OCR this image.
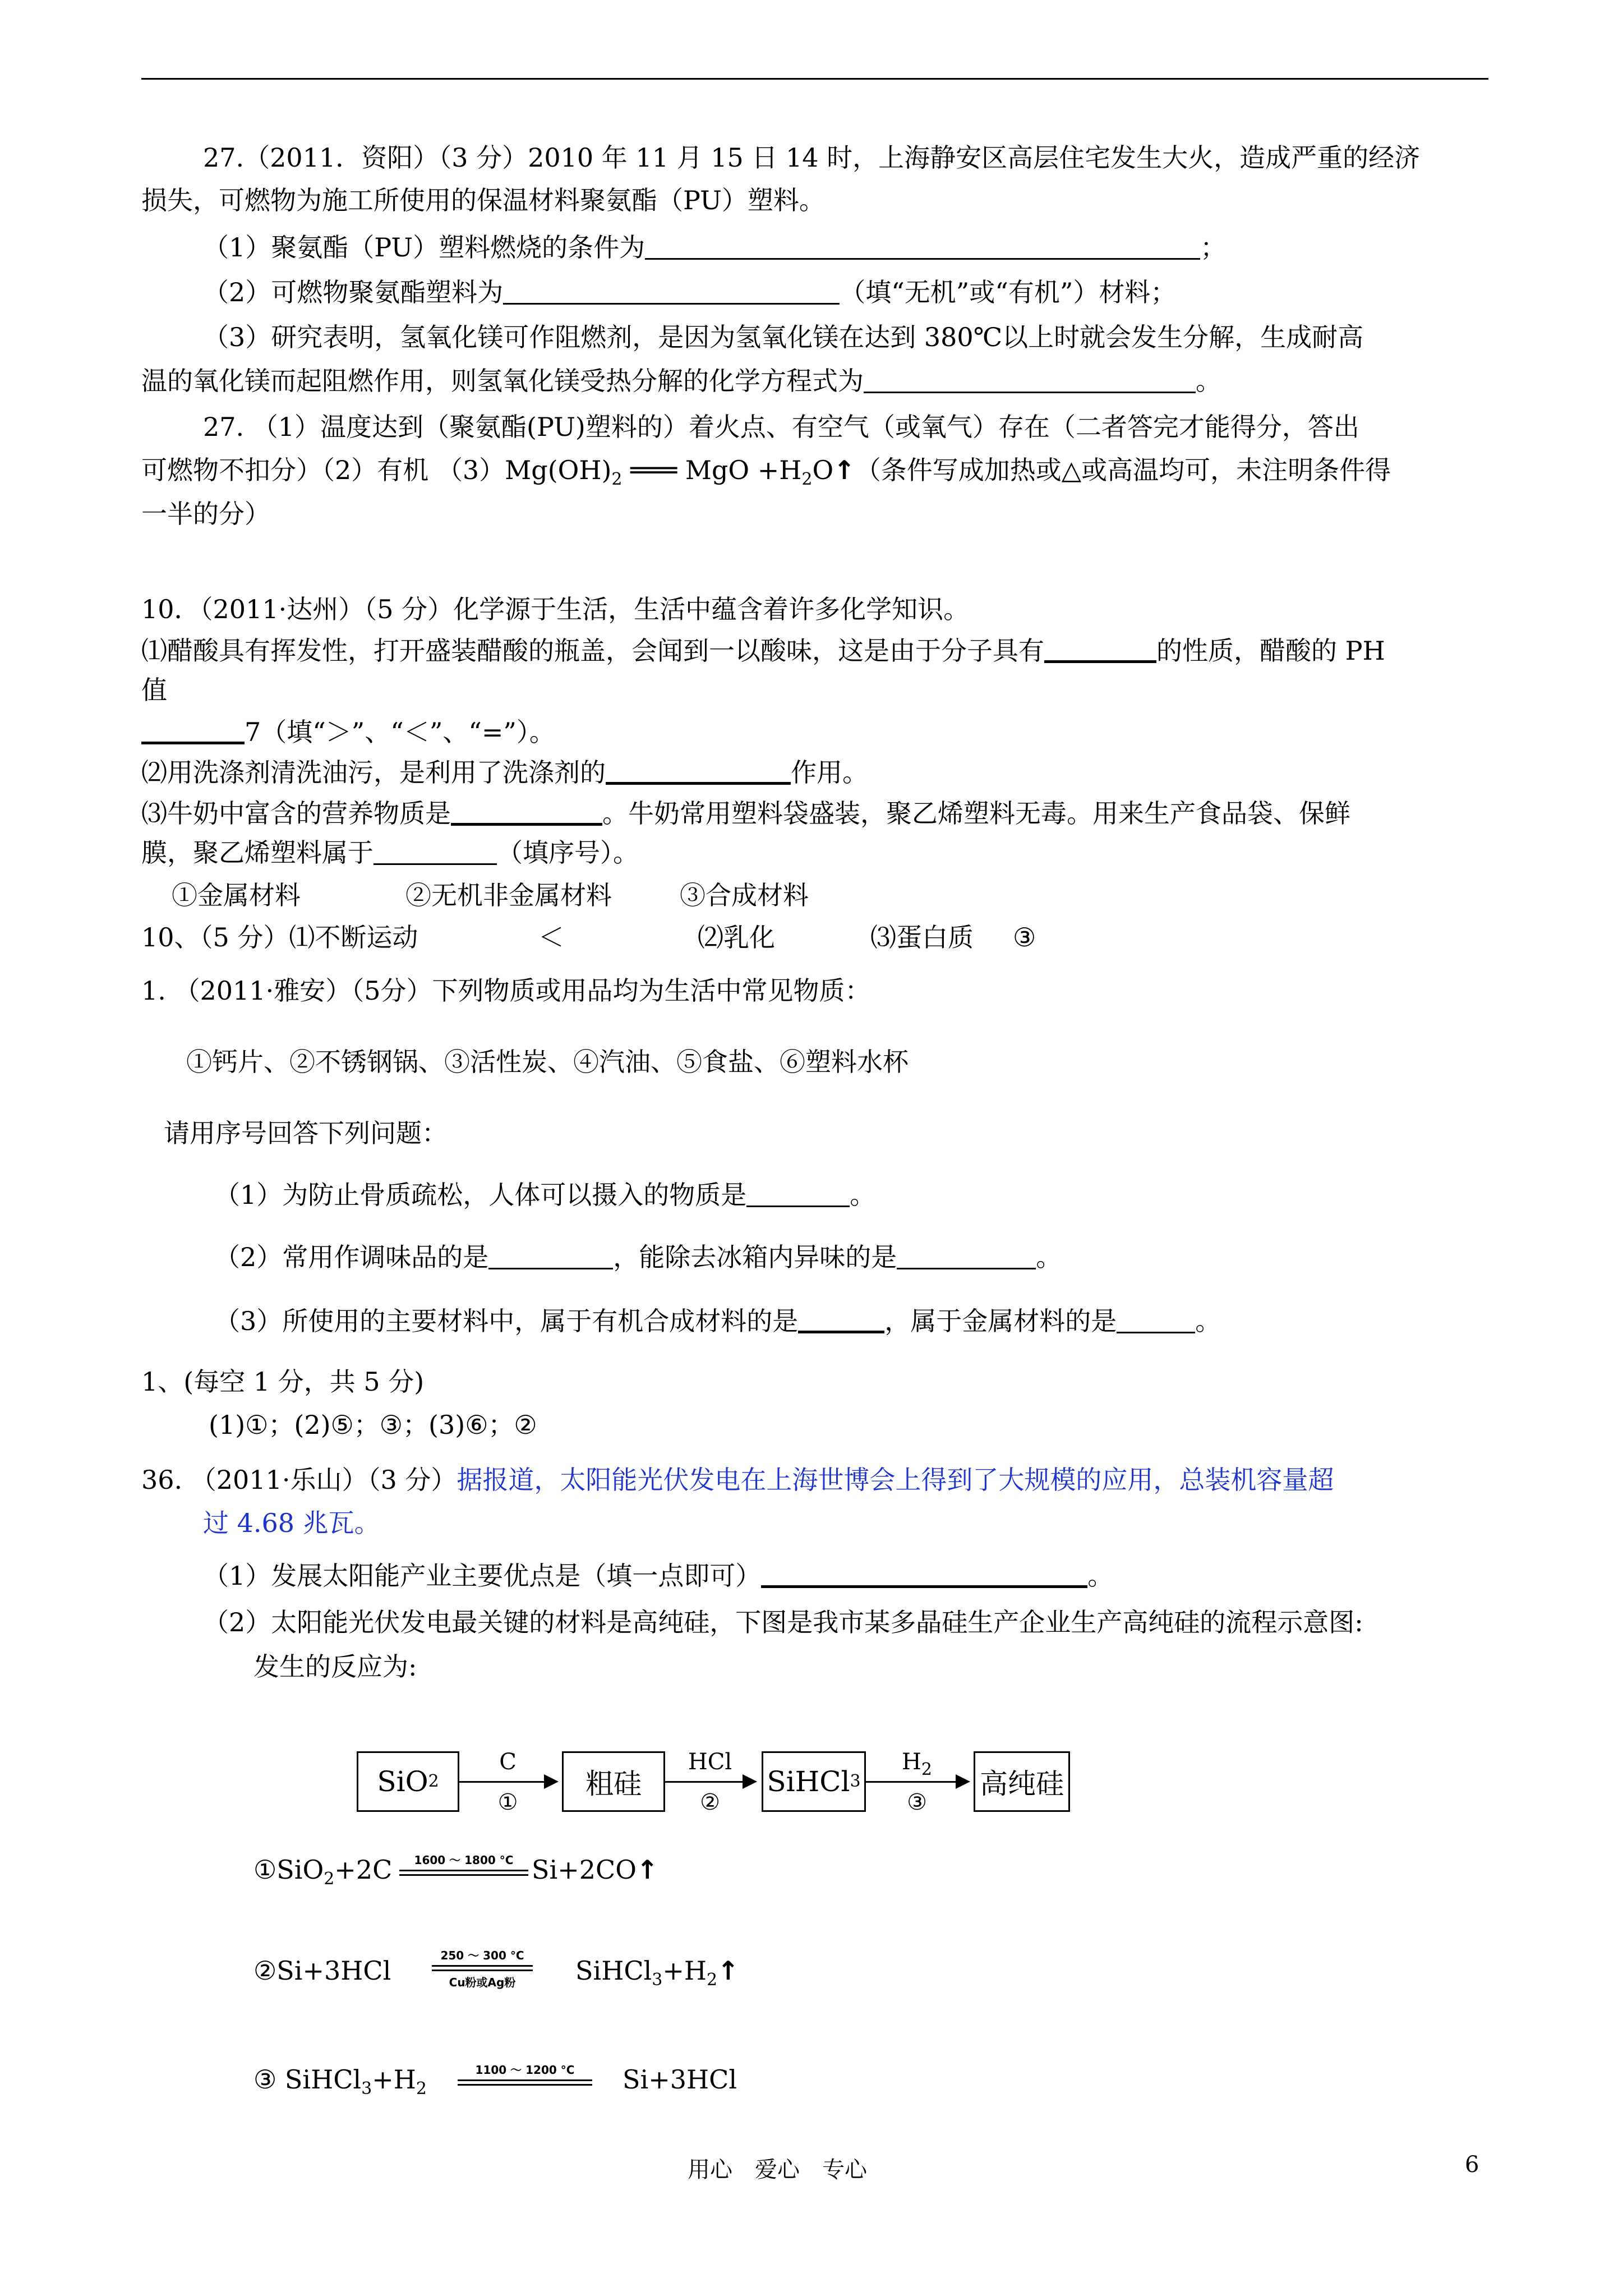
27.（2011．资阳）（3 分）2010 年 11 月 15 日 14 时，上海静安区高层住宅发生大火，造成严重的经济
损失，可燃物为施工所使用的保温材料聚氨酯（PU）塑料。
（1）聚氨酯（PU）塑料燃烧的条件为	；
（2）可燃物聚氨酯塑料为	（填“无机”或“有机”）材料；
（3）研究表明，氢氧化镁可作阻燃剂，是因为氢氧化镁在达到 380℃以上时就会发生分解，生成耐高
温的氧化镁而起阻燃作用，则氢氧化镁受热分解的化学方程式为	。
27. （1）温度达到（聚氨酯(PU)塑料的）着火点、有空气（或氧气）存在（二者答完才能得分，答出
可燃物不扣分）（2）有机 $(3)Mg(OH)_2$ ═══ MgO $+H_2O↑$（条件写成加热或△或高温均可，未注明条件得
一半的分）
10．（2011·达州）（5 分）化学源于生活，生活中蕴含着许多化学知识。
⑴醋酸具有挥发性，打开盛装醋酸的瓶盖，会闻到一以酸味，这是由于分子具有	的性质，醋酸的 PH
值
7（填“＞”、“＜”、“=”）。
⑵用洗涤剂清洗油污，是利用了洗涤剂的	作用。
⑶牛奶中富含的营养物质是	。牛奶常用塑料袋盛装，聚乙烯塑料无毒。用来生产食品袋、保鲜
膜，聚乙烯塑料属于	（填序号）。
①金属材料	②无机非金属材料	③合成材料
10、（5 分）⑴不断运动	＜	⑵乳化	⑶蛋白质 ③
1. （2011·雅安）（5分）下列物质或用品均为生活中常见物质：
①钙片、②不锈钢锅、③活性炭、④汽油、⑤食盐、⑥塑料水杯
请用序号回答下列问题：
（1）为防止骨质疏松，人体可以摄入的物质是	。
（2）常用作调味品的是	，能除去冰箱内异味的是	。
（3）所使用的主要材料中，属于有机合成材料的是	，属于金属材料的是	。
1、(每空 1 分，共 5 分)
(1)①；(2)⑤；③；(3)⑥；②
36. （2011·乐山）（3 分）据报道，太阳能光伏发电在上海世博会上得到了大规模的应用，总装机容量超
过 4.68 兆瓦。
（1）发展太阳能产业主要优点是（填一点即可）	。
（2）太阳能光伏发电最关键的材料是高纯硅，下图是我市某多晶硅生产企业生产高纯硅的流程示意图:
发生的反应为:
SiO 2
C
①
粗硅
HCl
②
SiHCl 3
$H_2$
③
高纯硅
①SiO$_2$+2C	1600 ～ 1800 °C Si+2CO↑
②Si+3HCl	250 ～ 300 °C
Cu粉或Ag粉	$SiHCl_3+H_2↑$
③ $SiHCl_3+H_2$
1100 ～ 1200 °C	Si+3HCl
用心　爱心　专心	6
